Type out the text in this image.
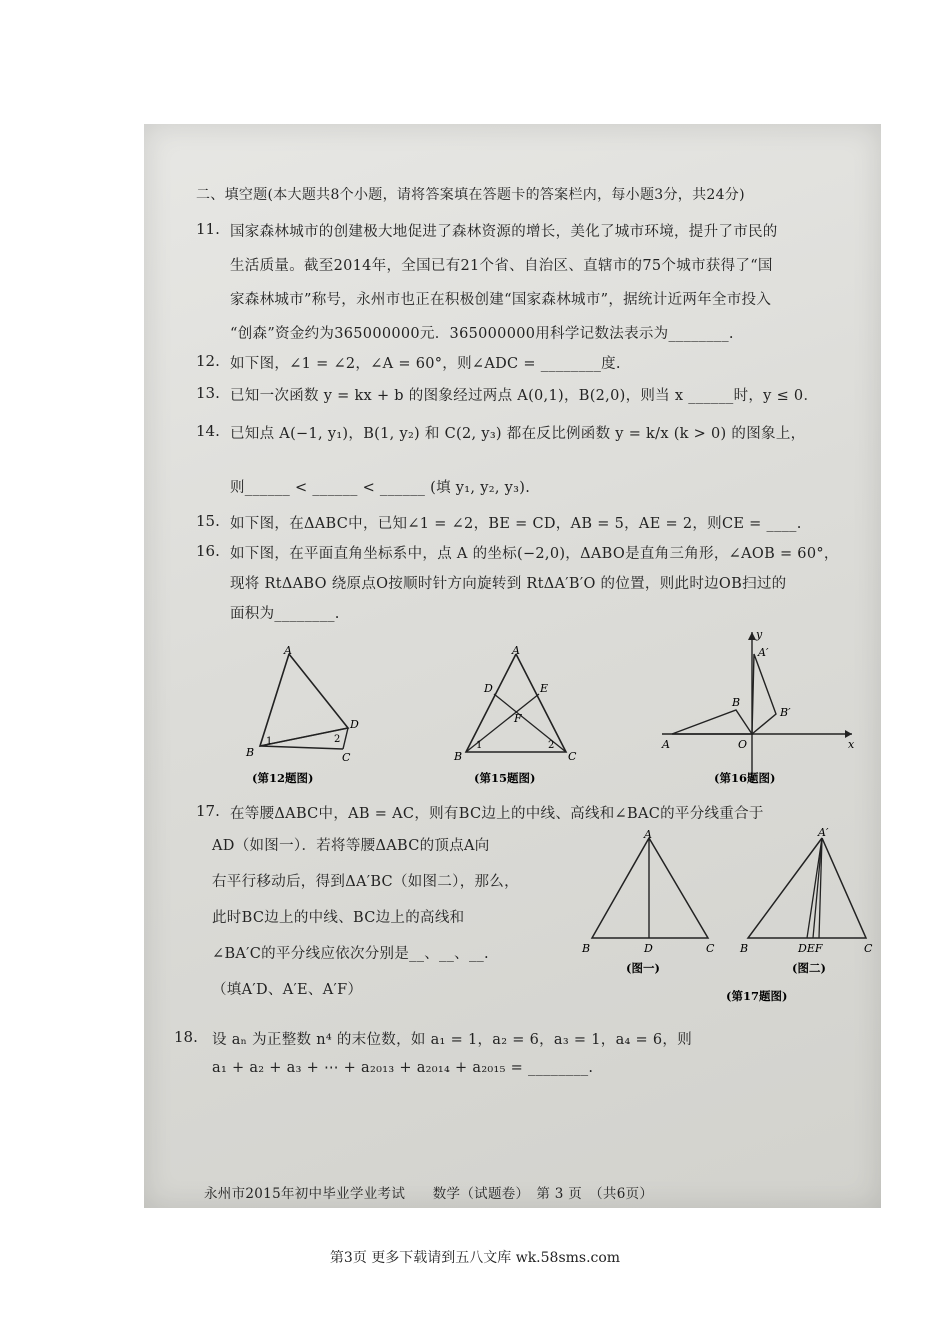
二、填空题(本大题共8个小题，请将答案填在答题卡的答案栏内，每小题3分，共24分)
11. 国家森林城市的创建极大地促进了森林资源的增长，美化了城市环境，提升了市民的
生活质量。截至2014年，全国已有21个省、自治区、直辖市的75个城市获得了“国
家森林城市”称号，永州市也正在积极创建“国家森林城市”，据统计近两年全市投入
“创森”资金约为365000000元．365000000用科学记数法表示为________.
12. 如下图，∠1 = ∠2，∠A = 60°，则∠ADC = ________度.
13. 已知一次函数 y = kx + b 的图象经过两点 A(0,1)，B(2,0)，则当 x ______时，y ≤ 0．
14. 已知点 A(−1, y₁)，B(1, y₂) 和 C(2, y₃) 都在反比例函数 y = k/x (k > 0) 的图象上，
则______ < ______ < ______ (填 y₁, y₂, y₃).
15. 如下图，在ΔABC中，已知∠1 = ∠2，BE = CD，AB = 5，AE = 2，则CE = ____.
16. 如下图，在平面直角坐标系中，点 A 的坐标(−2,0)，ΔABO是直角三角形，∠AOB = 60°，
现将 RtΔABO 绕原点O按顺时针方向旋转到 RtΔA′B′O 的位置，则此时边OB扫过的
面积为________.
A
B	C
D
1	2
(第12题图)
A
B	C
D	E
F
1	2
(第15题图)
y
x
O
A
B
A′
B′
(第16题图)
17. 在等腰ΔABC中，AB = AC，则有BC边上的中线、高线和∠BAC的平分线重合于
AD（如图一）．若将等腰ΔABC的顶点A向
右平行移动后，得到ΔA′BC（如图二），那么，
此时BC边上的中线、BC边上的高线和
∠BA′C的平分线应依次分别是__、__、__.
（填A′D、A′E、A′F）
A
B	D	C
(图一)
A′
B	DEF	C
(图二)
(第17题图)
18. 设 aₙ 为正整数 n⁴ 的末位数，如 a₁ = 1，a₂ = 6，a₃ = 1，a₄ = 6，则
a₁ + a₂ + a₃ + ⋯ + a₂₀₁₃ + a₂₀₁₄ + a₂₀₁₅ = ________.
永州市2015年初中毕业学业考试　　数学（试题卷）　第 3 页　（共6页）
第3页 更多下载请到五八文库 wk.58sms.com
